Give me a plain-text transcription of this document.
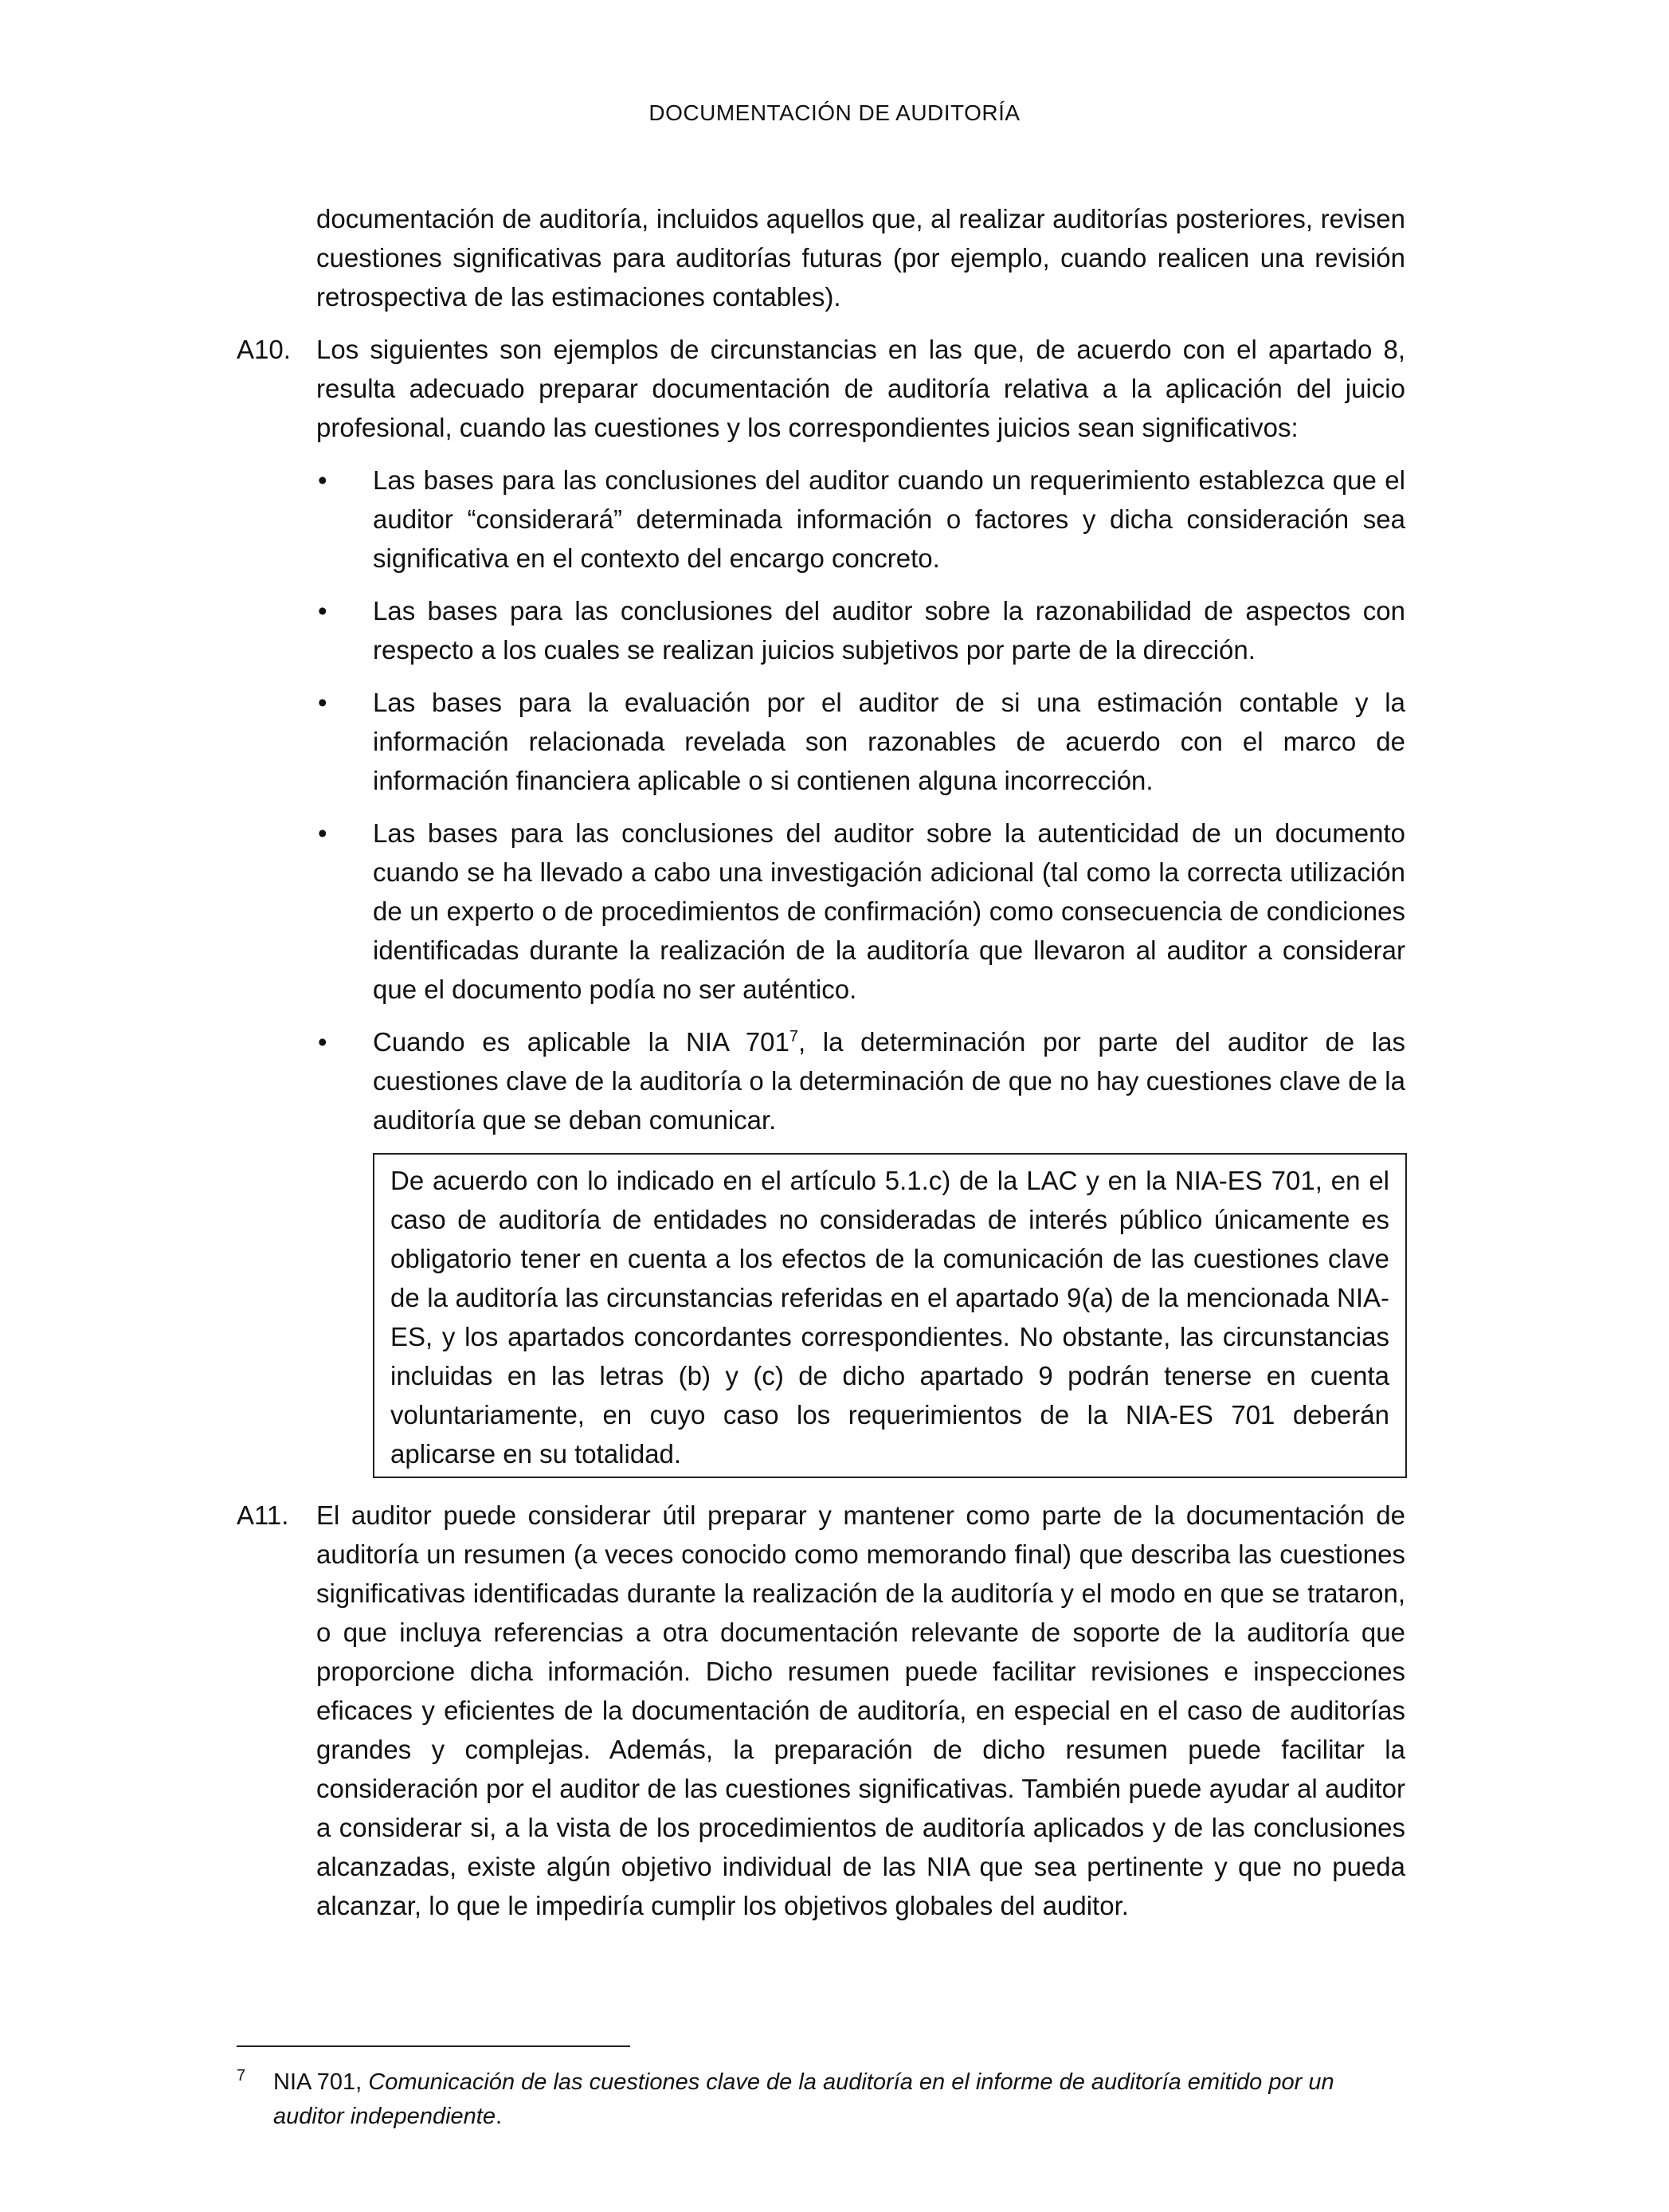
DOCUMENTACIÓN DE AUDITORÍA
documentación de auditoría, incluidos aquellos que, al realizar auditorías posteriores, revisen cuestiones significativas para auditorías futuras (por ejemplo, cuando realicen una revisión retrospectiva de las estimaciones contables).
A10. Los siguientes son ejemplos de circunstancias en las que, de acuerdo con el apartado 8, resulta adecuado preparar documentación de auditoría relativa a la aplicación del juicio profesional, cuando las cuestiones y los correspondientes juicios sean significativos:
• Las bases para las conclusiones del auditor cuando un requerimiento establezca que el auditor “considerará” determinada información o factores y dicha consideración sea significativa en el contexto del encargo concreto.
• Las bases para las conclusiones del auditor sobre la razonabilidad de aspectos con respecto a los cuales se realizan juicios subjetivos por parte de la dirección.
• Las bases para la evaluación por el auditor de si una estimación contable y la información relacionada revelada son razonables de acuerdo con el marco de información financiera aplicable o si contienen alguna incorrección.
• Las bases para las conclusiones del auditor sobre la autenticidad de un documento cuando se ha llevado a cabo una investigación adicional (tal como la correcta utilización de un experto o de procedimientos de confirmación) como consecuencia de condiciones identificadas durante la realización de la auditoría que llevaron al auditor a considerar que el documento podía no ser auténtico.
• Cuando es aplicable la NIA $701^7$, la determinación por parte del auditor de las cuestiones clave de la auditoría o la determinación de que no hay cuestiones clave de la auditoría que se deban comunicar.
De acuerdo con lo indicado en el artículo 5.1.c) de la LAC y en la NIA-ES 701, en el caso de auditoría de entidades no consideradas de interés público únicamente es obligatorio tener en cuenta a los efectos de la comunicación de las cuestiones clave de la auditoría las circunstancias referidas en el apartado 9(a) de la mencionada NIA-ES, y los apartados concordantes correspondientes. No obstante, las circunstancias incluidas en las letras (b) y (c) de dicho apartado 9 podrán tenerse en cuenta voluntariamente, en cuyo caso los requerimientos de la NIA-ES 701 deberán aplicarse en su totalidad.
A11. El auditor puede considerar útil preparar y mantener como parte de la documentación de auditoría un resumen (a veces conocido como memorando final) que describa las cuestiones significativas identificadas durante la realización de la auditoría y el modo en que se trataron, o que incluya referencias a otra documentación relevante de soporte de la auditoría que proporcione dicha información. Dicho resumen puede facilitar revisiones e inspecciones eficaces y eficientes de la documentación de auditoría, en especial en el caso de auditorías grandes y complejas. Además, la preparación de dicho resumen puede facilitar la consideración por el auditor de las cuestiones significativas. También puede ayudar al auditor a considerar si, a la vista de los procedimientos de auditoría aplicados y de las conclusiones alcanzadas, existe algún objetivo individual de las NIA que sea pertinente y que no pueda alcanzar, lo que le impediría cumplir los objetivos globales del auditor.
7	NIA 701, Comunicación de las cuestiones clave de la auditoría en el informe de auditoría emitido por un auditor independiente.
